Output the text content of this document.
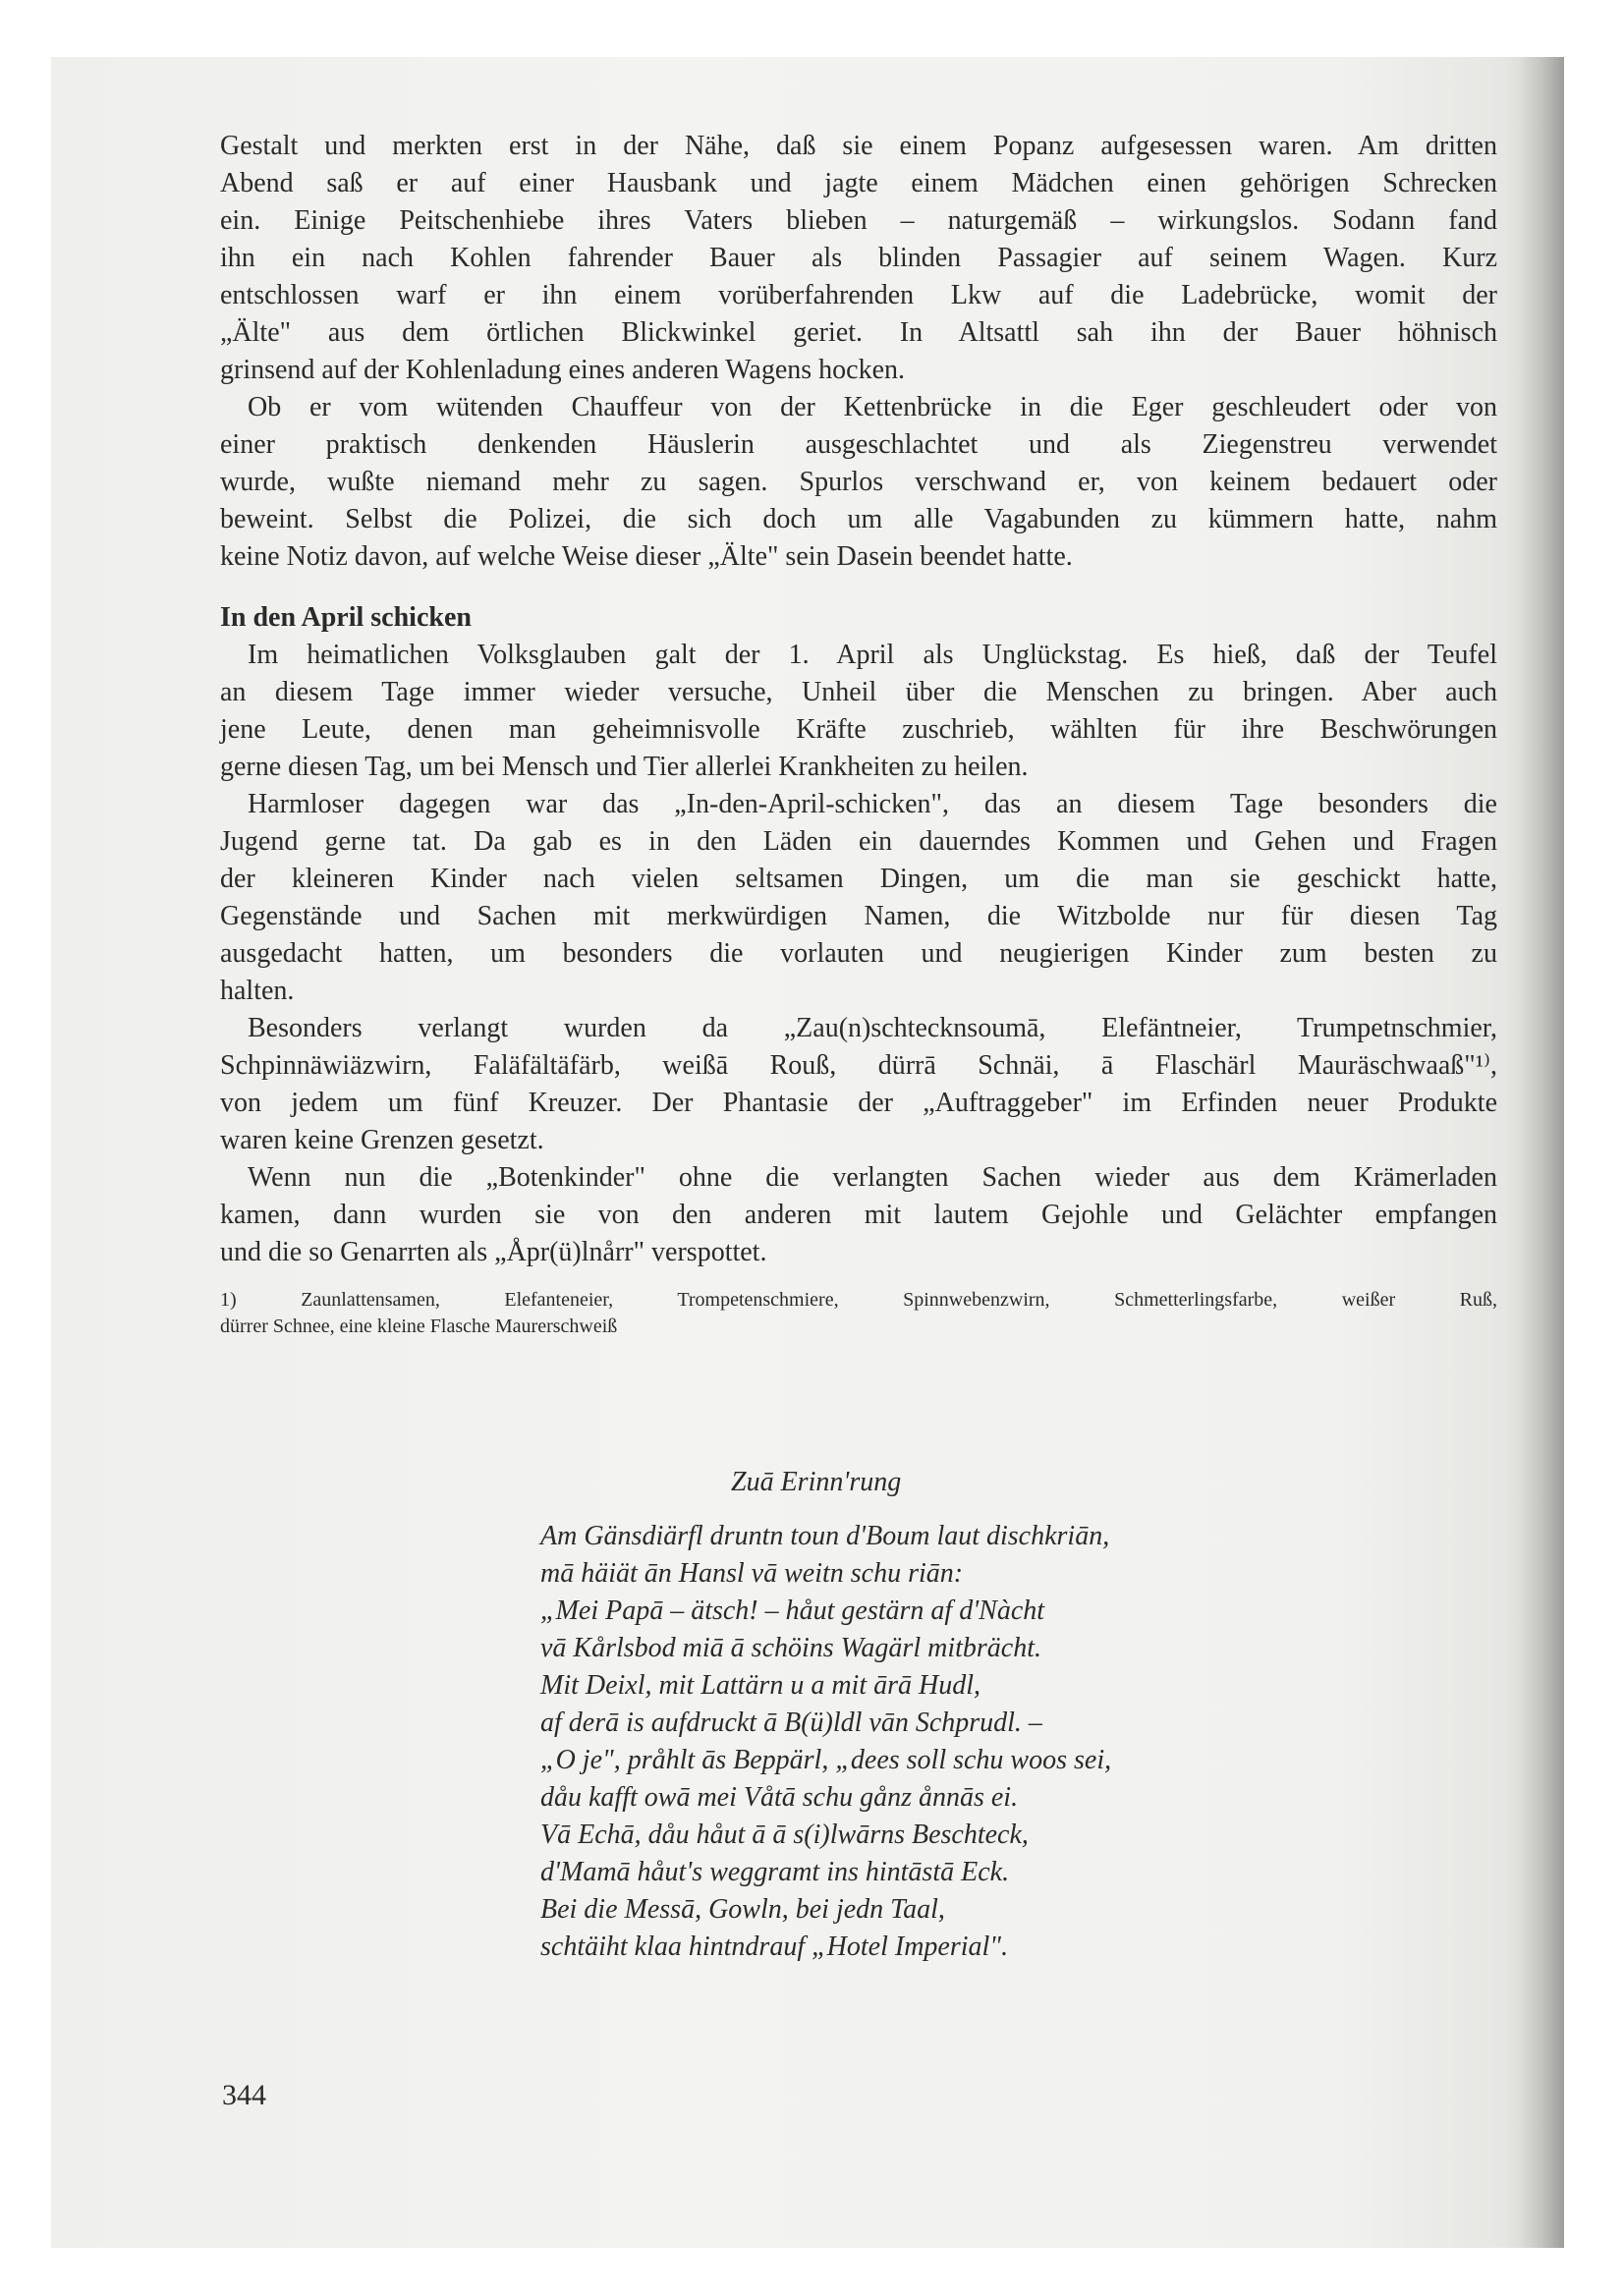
Gestalt und merkten erst in der Nähe, daß sie einem Popanz aufgesessen waren. Am dritten
Abend saß er auf einer Hausbank und jagte einem Mädchen einen gehörigen Schrecken
ein. Einige Peitschenhiebe ihres Vaters blieben – naturgemäß – wirkungslos. Sodann fand
ihn ein nach Kohlen fahrender Bauer als blinden Passagier auf seinem Wagen. Kurz
entschlossen warf er ihn einem vorüberfahrenden Lkw auf die Ladebrücke, womit der
„Älte" aus dem örtlichen Blickwinkel geriet. In Altsattl sah ihn der Bauer höhnisch
grinsend auf der Kohlenladung eines anderen Wagens hocken.
Ob er vom wütenden Chauffeur von der Kettenbrücke in die Eger geschleudert oder von
einer praktisch denkenden Häuslerin ausgeschlachtet und als Ziegenstreu verwendet
wurde, wußte niemand mehr zu sagen. Spurlos verschwand er, von keinem bedauert oder
beweint. Selbst die Polizei, die sich doch um alle Vagabunden zu kümmern hatte, nahm
keine Notiz davon, auf welche Weise dieser „Älte" sein Dasein beendet hatte.
In den April schicken
Im heimatlichen Volksglauben galt der 1. April als Unglückstag. Es hieß, daß der Teufel
an diesem Tage immer wieder versuche, Unheil über die Menschen zu bringen. Aber auch
jene Leute, denen man geheimnisvolle Kräfte zuschrieb, wählten für ihre Beschwörungen
gerne diesen Tag, um bei Mensch und Tier allerlei Krankheiten zu heilen.
Harmloser dagegen war das „In-den-April-schicken", das an diesem Tage besonders die
Jugend gerne tat. Da gab es in den Läden ein dauerndes Kommen und Gehen und Fragen
der kleineren Kinder nach vielen seltsamen Dingen, um die man sie geschickt hatte,
Gegenstände und Sachen mit merkwürdigen Namen, die Witzbolde nur für diesen Tag
ausgedacht hatten, um besonders die vorlauten und neugierigen Kinder zum besten zu
halten.
Besonders verlangt wurden da „Zau(n)schtecknsoumā, Elefäntneier, Trumpetnschmier,
Schpinnäwiäzwirn, Faläfältäfärb, weißā Rouß, dürrā Schnäi, ā Flaschärl Mauräschwaaß"¹⁾,
von jedem um fünf Kreuzer. Der Phantasie der „Auftraggeber" im Erfinden neuer Produkte
waren keine Grenzen gesetzt.
Wenn nun die „Botenkinder" ohne die verlangten Sachen wieder aus dem Krämerladen
kamen, dann wurden sie von den anderen mit lautem Gejohle und Gelächter empfangen
und die so Genarrten als „Åpr(ü)lnårr" verspottet.
1) Zaunlattensamen, Elefanteneier, Trompetenschmiere, Spinnwebenzwirn, Schmetterlingsfarbe, weißer Ruß,
dürrer Schnee, eine kleine Flasche Maurerschweiß
Zuā Erinn'rung
Am Gänsdiärfl druntn toun d'Boum laut dischkriān,
mā häiät ān Hansl vā weitn schu riān:
„Mei Papā – ätsch! – håut gestärn af d'Nàcht
vā Kårlsbod miā ā schöins Wagärl mitbrächt.
Mit Deixl, mit Lattärn u a mit ārā Hudl,
af derā is aufdruckt ā B(ü)ldl vān Schprudl. –
„O je", pråhlt ās Beppärl, „dees soll schu woos sei,
dåu kafft owā mei Våtā schu gånz ånnās ei.
Vā Echā, dåu håut ā ā s(i)lwārns Beschteck,
d'Mamā håut's weggramt ins hintāstā Eck.
Bei die Messā, Gowln, bei jedn Taal,
schtäiht klaa hintndrauf „Hotel Imperial".
344
